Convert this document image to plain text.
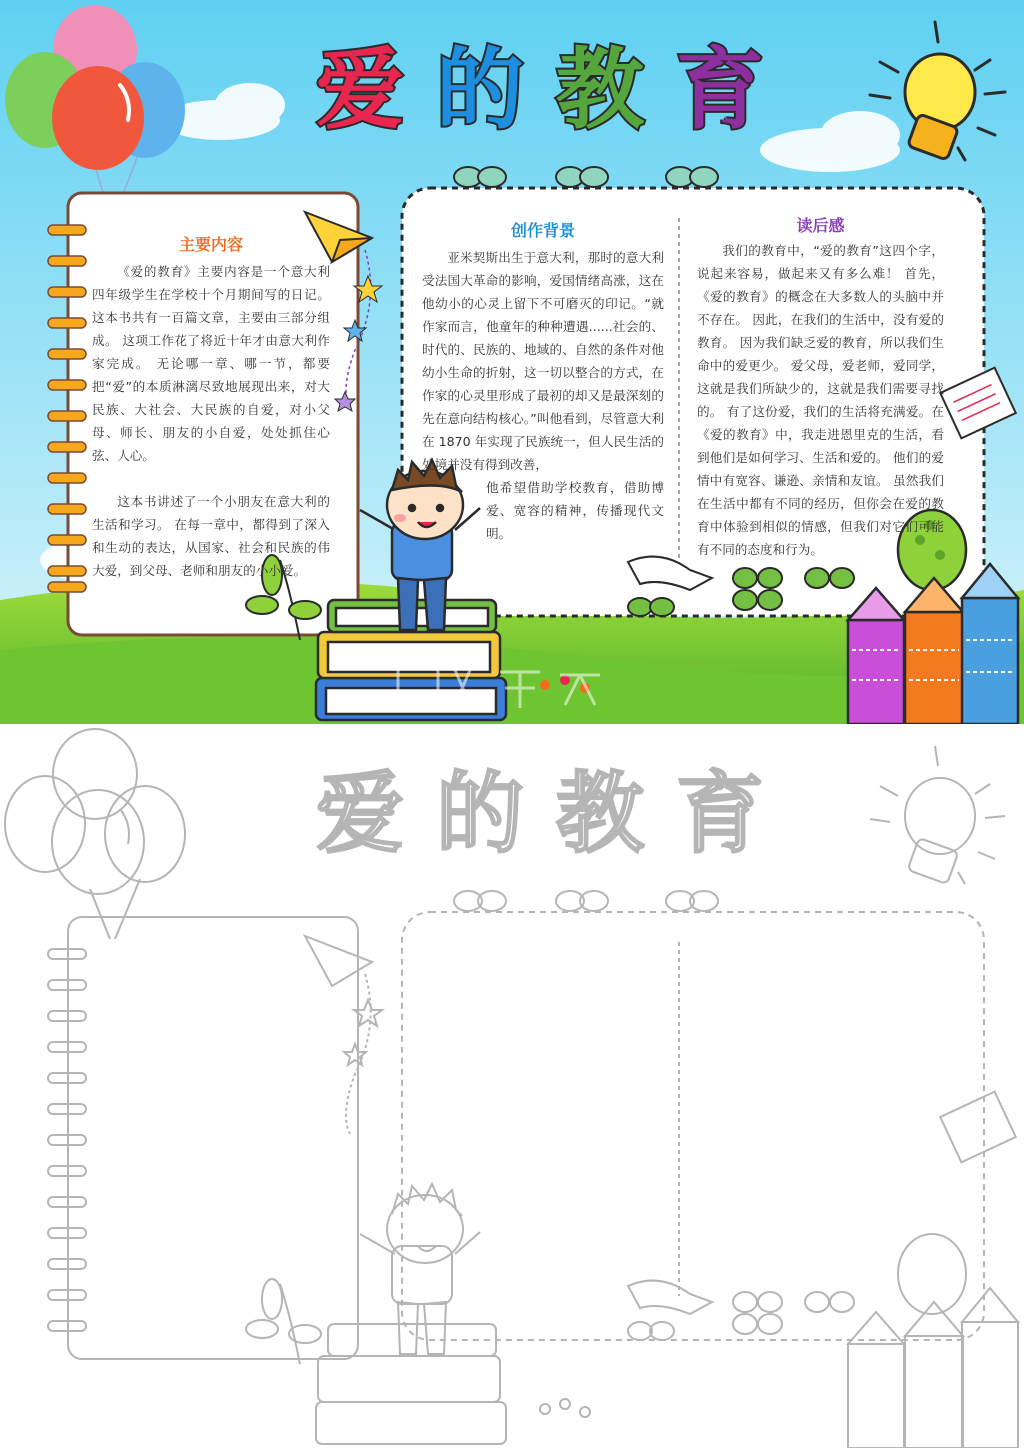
爱 的 教 育
主要内容
《爱的教育》主要内容是一个意大利四年级学生在学校十个月期间写的日记。 这本书共有一百篇文章，主要由三部分组成。 这项工作花了将近十年才由意大利作家完成。 无论哪一章、哪一节，都要把“爱”的本质淋漓尽致地展现出来，对大民族、大社会、大民族的自爱，对小父母、师长、朋友的小自爱，处处抓住心弦、人心。
这本书讲述了一个小朋友在意大利的生活和学习。 在每一章中，都得到了深入和生动的表达，从国家、社会和民族的伟大爱，到父母、老师和朋友的小小爱。
创作背景
亚米契斯出生于意大利，那时的意大利受法国大革命的影响，爱国情绪高涨，这在他幼小的心灵上留下不可磨灭的印记。“就作家而言，他童年的种种遭遇......社会的、时代的、民族的、地域的、自然的条件对他幼小生命的折射，这一切以整合的方式，在作家的心灵里形成了最初的却又是最深刻的先在意向结构核心。”叫他看到，尽管意大利在 1870 年实现了民族统一，但人民生活的处境并没有得到改善，
他希望借助学校教育，借助博爱、宽容的精神，传播现代文明。
读后感
我们的教育中，“爱的教育”这四个字，说起来容易，做起来又有多么难！ 首先，《爱的教育》的概念在大多数人的头脑中并不存在。 因此，在我们的生活中，没有爱的教育。 因为我们缺乏爱的教育，所以我们生命中的爱更少。 爱父母，爱老师，爱同学，这就是我们所缺少的，这就是我们需要寻找的。 有了这份爱，我们的生活将充满爱。在《爱的教育》中，我走进恩里克的生活，看到他们是如何学习、生活和爱的。 他们的爱情中有宽容、谦逊、亲情和友谊。 虽然我们在生活中都有不同的经历，但你会在爱的教育中体验到相似的情感，但我们对它们可能有不同的态度和行为。
爱 的 教 育
